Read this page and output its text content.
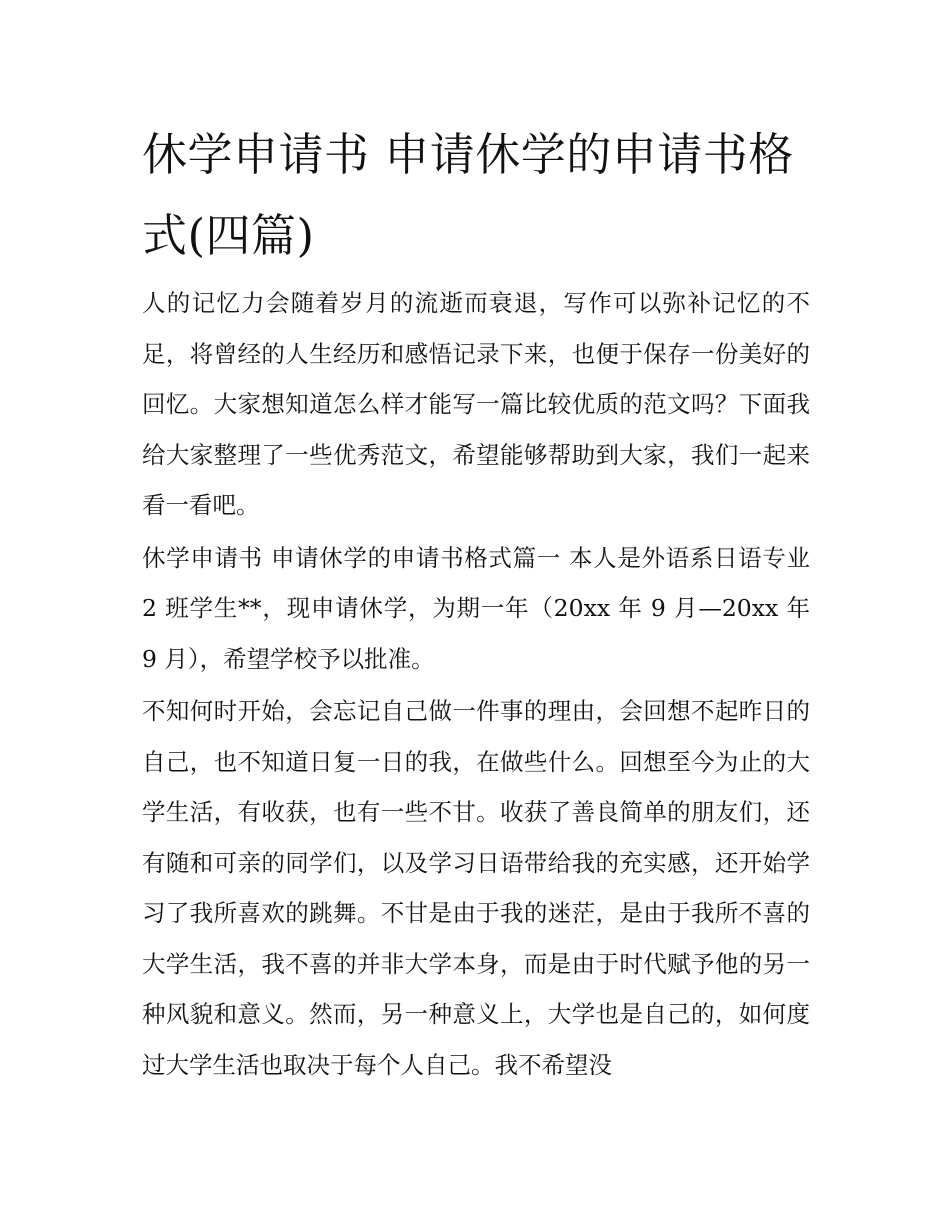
休学申请书 申请休学的申请书格式(四篇)

人的记忆力会随着岁月的流逝而衰退，写作可以弥补记忆的不足，将曾经的人生经历和感悟记录下来，也便于保存一份美好的回忆。大家想知道怎么样才能写一篇比较优质的范文吗？下面我给大家整理了一些优秀范文，希望能够帮助到大家，我们一起来看一看吧。

休学申请书 申请休学的申请书格式篇一 本人是外语系日语专业 2 班学生**，现申请休学，为期一年（20xx 年 9 月—20xx 年 9 月），希望学校予以批准。

不知何时开始，会忘记自己做一件事的理由，会回想不起昨日的自己，也不知道日复一日的我，在做些什么。回想至今为止的大学生活，有收获，也有一些不甘。收获了善良简单的朋友们，还有随和可亲的同学们，以及学习日语带给我的充实感，还开始学习了我所喜欢的跳舞。不甘是由于我的迷茫，是由于我所不喜的大学生活，我不喜的并非大学本身，而是由于时代赋予他的另一种风貌和意义。然而，另一种意义上，大学也是自己的，如何度过大学生活也取决于每个人自己。我不希望没
